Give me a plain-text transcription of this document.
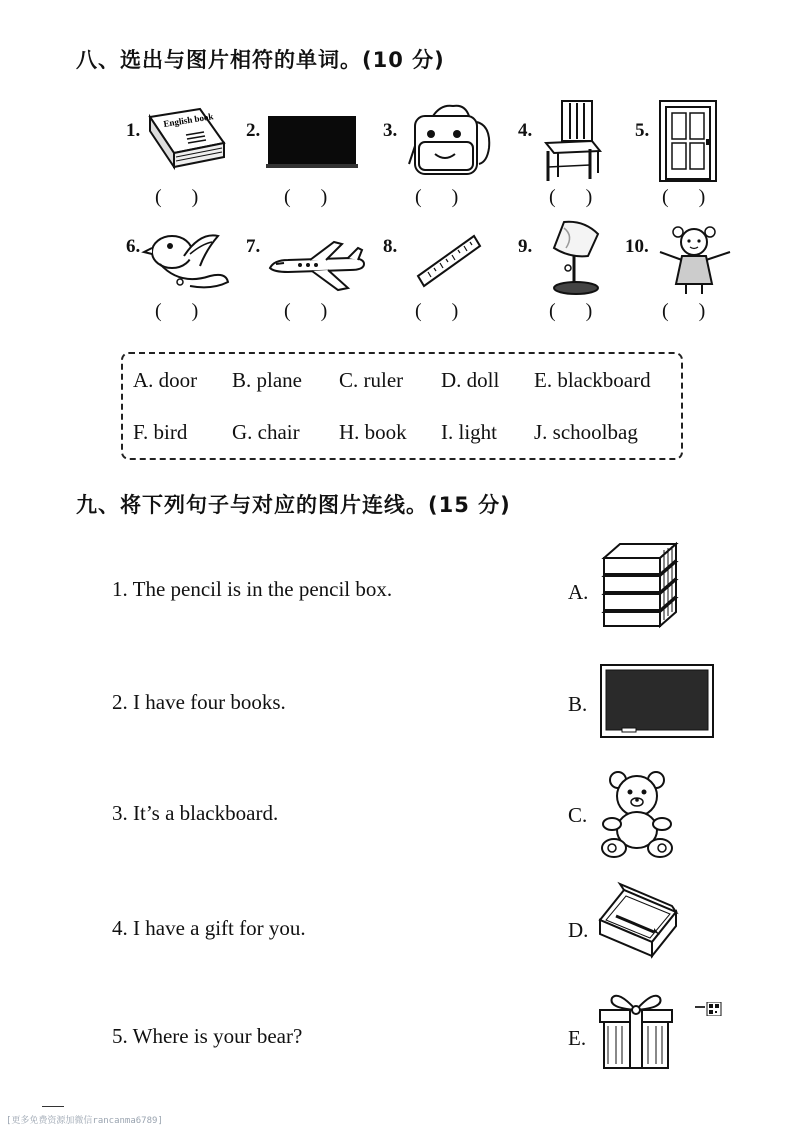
八、选出与图片相符的单词。(10 分)
1.	2.	3.	4.	5.
English book
(      )	(      )	(      )	(      )	(      )
6.	7.	8.	9.	10.
(      )	(      )	(      )	(      )	(      )
A. door B. plane C. ruler D. doll E. blackboard
F. bird G. chair H. book I. light J. schoolbag
九、将下列句子与对应的图片连线。(15 分)
1. The pencil is in the pencil box.
2. I have four books.
3. It’s a blackboard.
4. I have a gift for you.
5. Where is your bear?
A.
B.
C.
D.
E.
[更多免费资源加微信rancanma6789]
